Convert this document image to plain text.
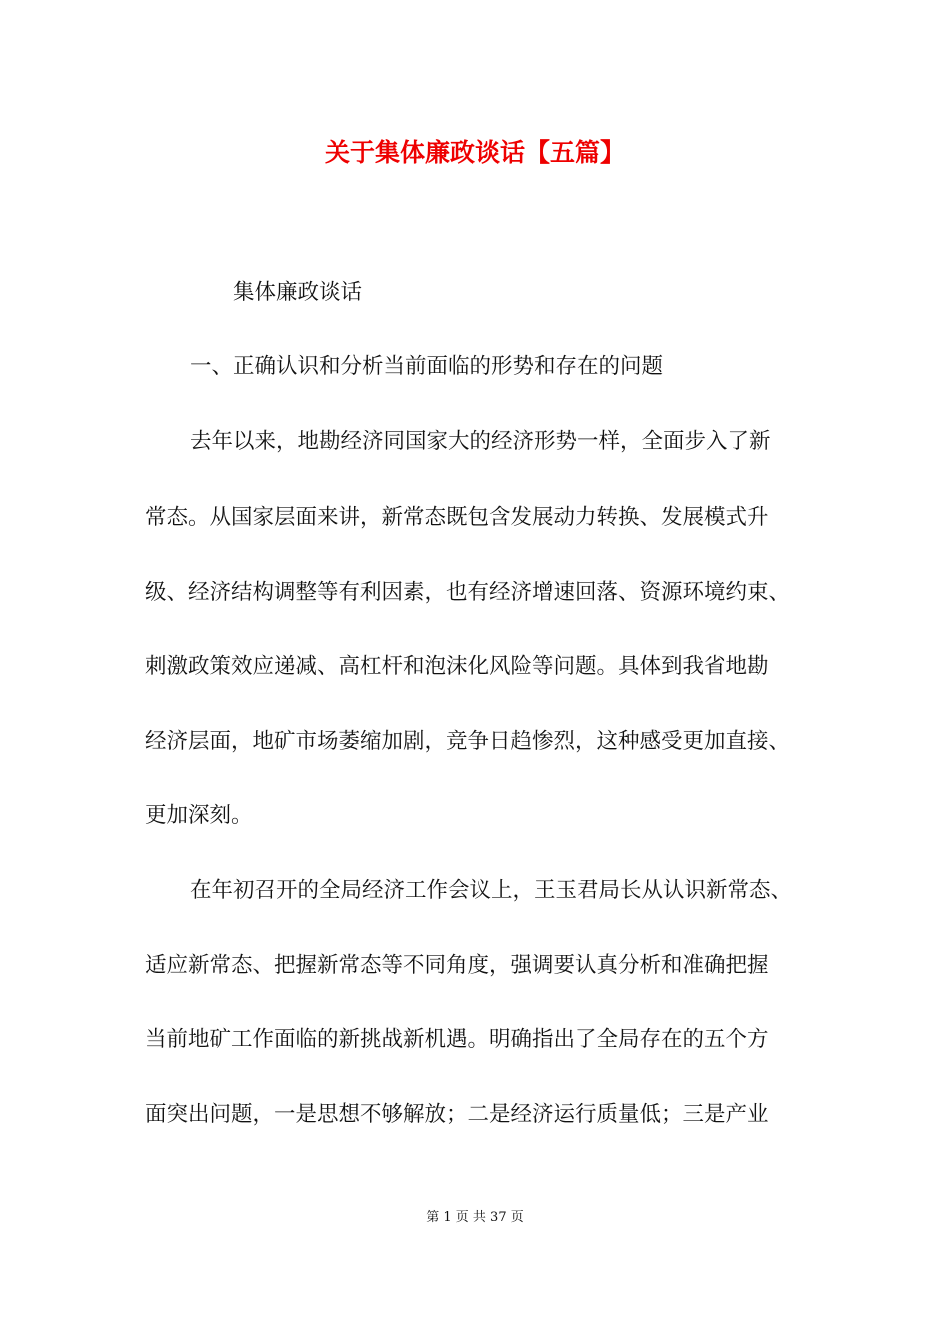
关于集体廉政谈话【五篇】
集体廉政谈话
一、正确认识和分析当前面临的形势和存在的问题
去年以来，地勘经济同国家大的经济形势一样，全面步入了新
常态。从国家层面来讲，新常态既包含发展动力转换、发展模式升
级、经济结构调整等有利因素，也有经济增速回落、资源环境约束、
刺激政策效应递减、高杠杆和泡沫化风险等问题。具体到我省地勘
经济层面，地矿市场萎缩加剧，竞争日趋惨烈，这种感受更加直接、
更加深刻。
在年初召开的全局经济工作会议上，王玉君局长从认识新常态、
适应新常态、把握新常态等不同角度，强调要认真分析和准确把握
当前地矿工作面临的新挑战新机遇。明确指出了全局存在的五个方
面突出问题，一是思想不够解放；二是经济运行质量低；三是产业
第 1 页 共 37 页
